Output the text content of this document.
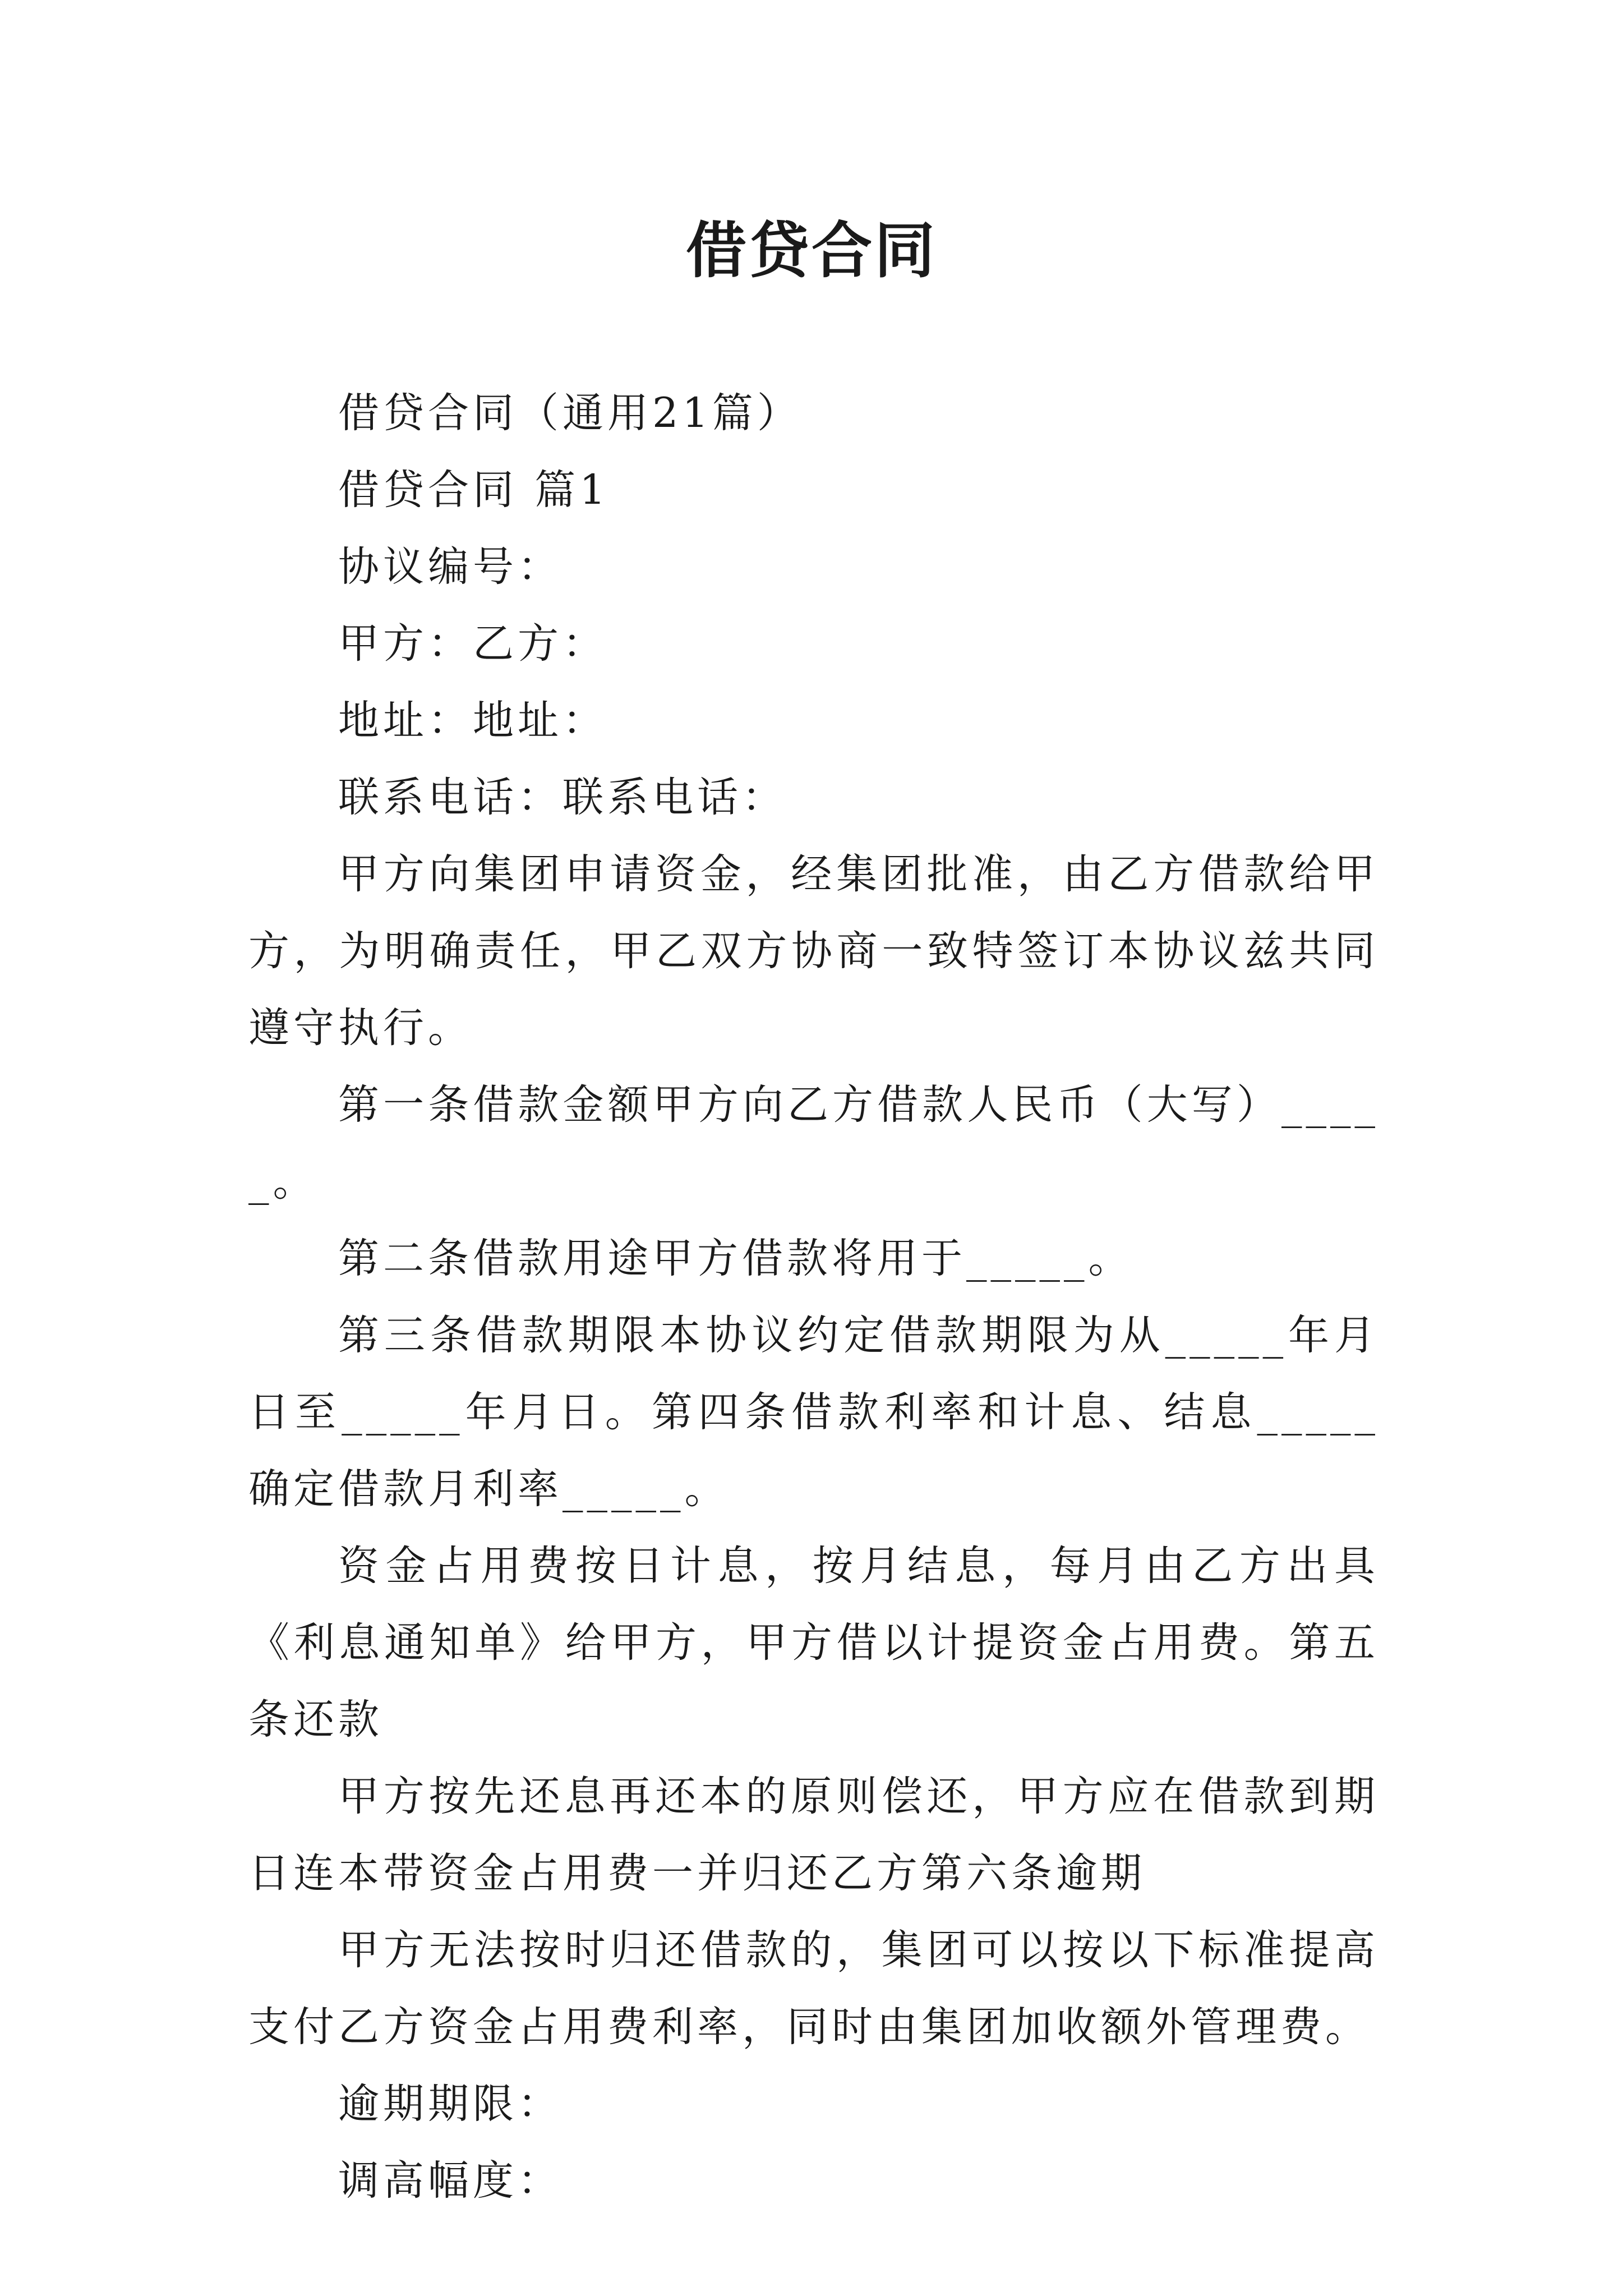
借贷合同

借贷合同（通用21篇）

借贷合同 篇1

协议编号：

甲方：乙方：

地址：地址：

联系电话：联系电话：

甲方向集团申请资金，经集团批准，由乙方借款给甲方，为明确责任，甲乙双方协商一致特签订本协议兹共同遵守执行。

第一条借款金额甲方向乙方借款人民币（大写）_____。

第二条借款用途甲方借款将用于_____。

第三条借款期限本协议约定借款期限为从_____年月日至_____年月日。第四条借款利率和计息、结息_____确定借款月利率_____。

资金占用费按日计息，按月结息，每月由乙方出具《利息通知单》给甲方，甲方借以计提资金占用费。第五条还款

甲方按先还息再还本的原则偿还，甲方应在借款到期日连本带资金占用费一并归还乙方第六条逾期

甲方无法按时归还借款的，集团可以按以下标准提高支付乙方资金占用费利率，同时由集团加收额外管理费。

逾期期限：

调高幅度：
